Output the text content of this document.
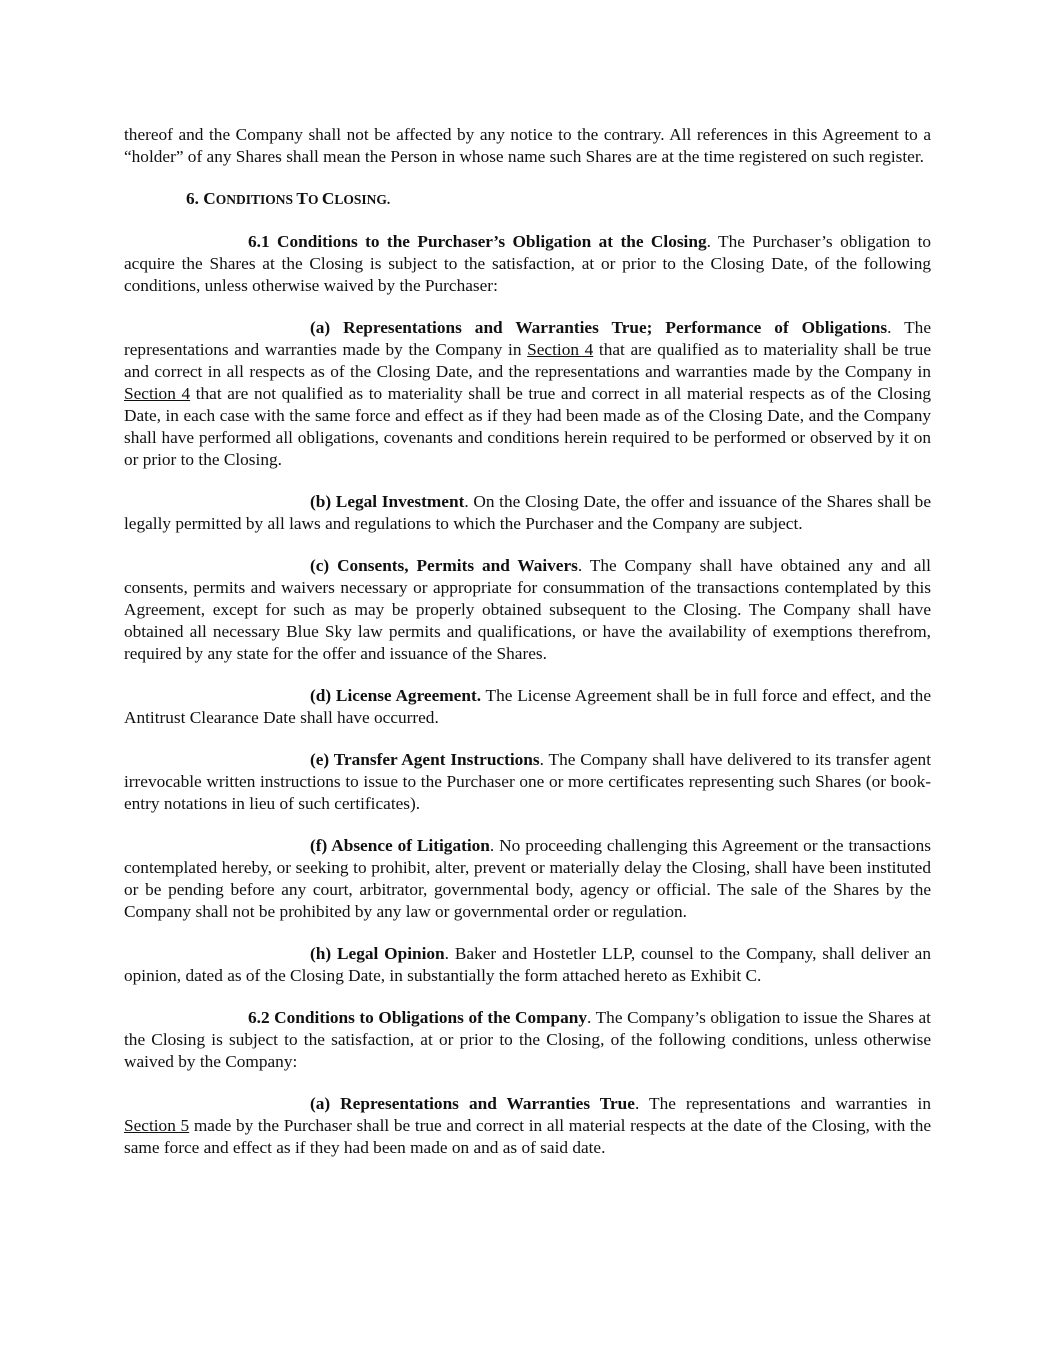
thereof and the Company shall not be affected by any notice to the contrary. All references in this Agreement to a “holder” of any Shares shall mean the Person in whose name such Shares are at the time registered on such register.

6. CONDITIONS TO CLOSING.

6.1 Conditions to the Purchaser’s Obligation at the Closing. The Purchaser’s obligation to acquire the Shares at the Closing is subject to the satisfaction, at or prior to the Closing Date, of the following conditions, unless otherwise waived by the Purchaser:

(a) Representations and Warranties True; Performance of Obligations. The representations and warranties made by the Company in Section 4 that are qualified as to materiality shall be true and correct in all respects as of the Closing Date, and the representations and warranties made by the Company in Section 4 that are not qualified as to materiality shall be true and correct in all material respects as of the Closing Date, in each case with the same force and effect as if they had been made as of the Closing Date, and the Company shall have performed all obligations, covenants and conditions herein required to be performed or observed by it on or prior to the Closing.

(b) Legal Investment. On the Closing Date, the offer and issuance of the Shares shall be legally permitted by all laws and regulations to which the Purchaser and the Company are subject.

(c) Consents, Permits and Waivers. The Company shall have obtained any and all consents, permits and waivers necessary or appropriate for consummation of the transactions contemplated by this Agreement, except for such as may be properly obtained subsequent to the Closing. The Company shall have obtained all necessary Blue Sky law permits and qualifications, or have the availability of exemptions therefrom, required by any state for the offer and issuance of the Shares.

(d) License Agreement. The License Agreement shall be in full force and effect, and the Antitrust Clearance Date shall have occurred.

(e) Transfer Agent Instructions. The Company shall have delivered to its transfer agent irrevocable written instructions to issue to the Purchaser one or more certificates representing such Shares (or book-entry notations in lieu of such certificates).

(f) Absence of Litigation. No proceeding challenging this Agreement or the transactions contemplated hereby, or seeking to prohibit, alter, prevent or materially delay the Closing, shall have been instituted or be pending before any court, arbitrator, governmental body, agency or official. The sale of the Shares by the Company shall not be prohibited by any law or governmental order or regulation.

(h) Legal Opinion. Baker and Hostetler LLP, counsel to the Company, shall deliver an opinion, dated as of the Closing Date, in substantially the form attached hereto as Exhibit C.

6.2 Conditions to Obligations of the Company. The Company’s obligation to issue the Shares at the Closing is subject to the satisfaction, at or prior to the Closing, of the following conditions, unless otherwise waived by the Company:

(a) Representations and Warranties True. The representations and warranties in Section 5 made by the Purchaser shall be true and correct in all material respects at the date of the Closing, with the same force and effect as if they had been made on and as of said date.
